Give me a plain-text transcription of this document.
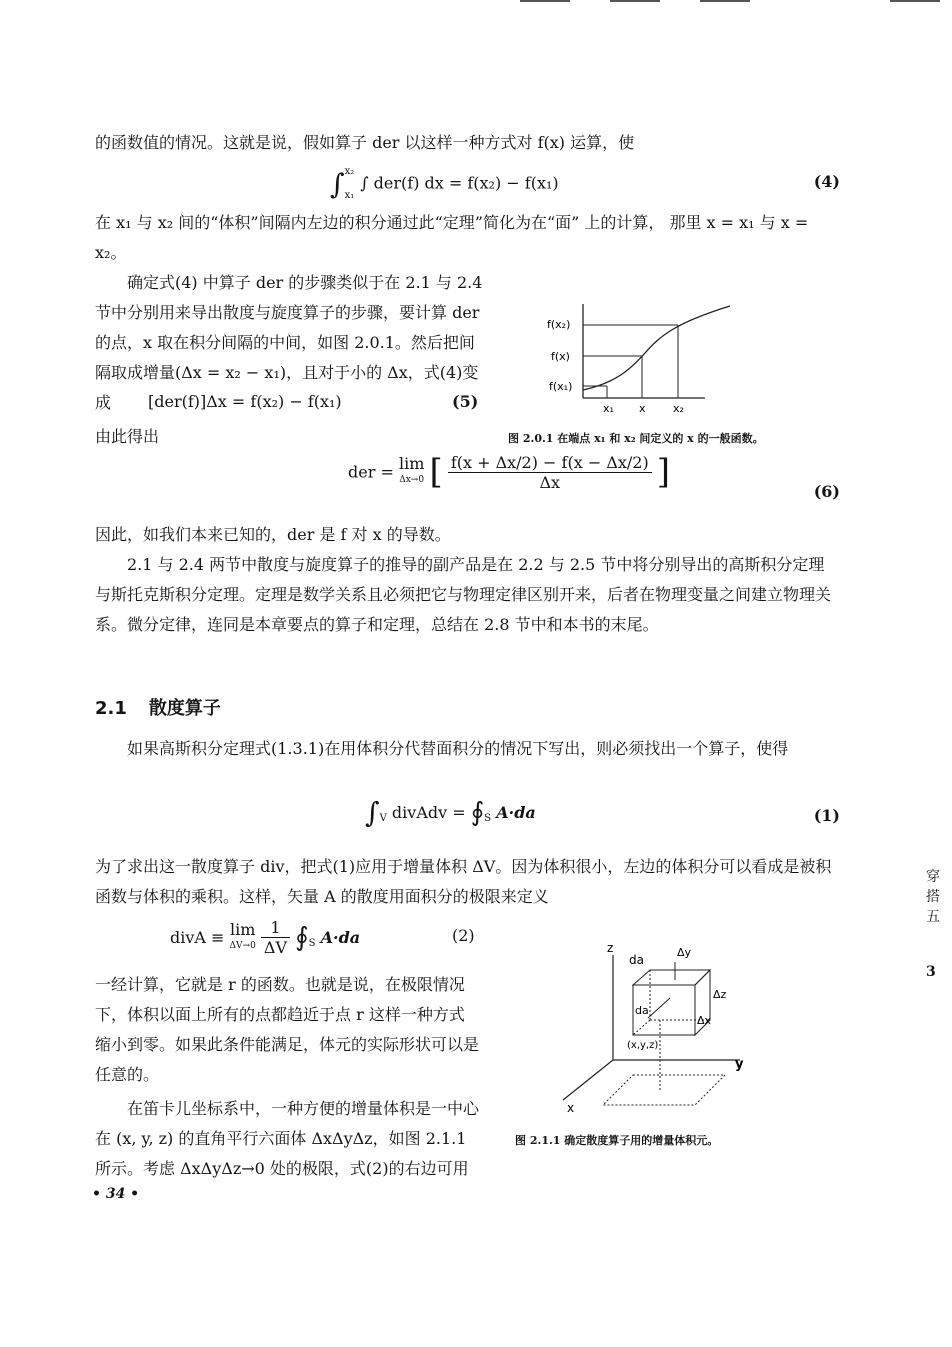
的函数值的情况。这就是说，假如算子 der 以这样一种方式对 f(x) 运算，使
∫ x₂

x₁
∫ der(f) dx = f(x₂) − f(x₁)	(4)
在 x₁ 与 x₂ 间的“体积”间隔内左边的积分通过此“定理”简化为在“面” 上的计算， 那里 x = x₁ 与 x = x₂。
确定式(4) 中算子 der 的步骤类似于在 2.1 与 2.4 节中分别用来导出散度与旋度算子的步骤，要计算 der 的点，x 取在积分间隔的中间，如图 2.0.1。然后把间隔取成增量(Δx = x₂ − x₁)，且对于小的 Δx，式(4)变成	[der(f)]Δx = f(x₂) − f(x₁)	(5)
由此得出
f(x₂)
f(x)
f(x₁)
x₁ x x₂
图 2.0.1 在端点 x₁ 和 x₂ 间定义的 x 的一般函数。
der = lim
Δx→0 [ $\frac{f(x + \Delta x/2) - f(x - \Delta x/2)}{\Delta x}$ ]	(6)
因此，如我们本来已知的，der 是 f 对 x 的导数。
2.1 与 2.4 两节中散度与旋度算子的推导的副产品是在 2.2 与 2.5 节中将分别导出的高斯积分定理与斯托克斯积分定理。定理是数学关系且必须把它与物理定律区别开来，后者在物理变量之间建立物理关系。微分定律，连同是本章要点的算子和定理，总结在 2.8 节中和本书的末尾。
2.1 散度算子
如果高斯积分定理式(1.3.1)在用体积分代替面积分的情况下写出，则必须找出一个算子，使得
$\int_V$ divAdv = $∮_S$ A·da	(1)
为了求出这一散度算子 div，把式(1)应用于增量体积 ΔV。因为体积很小，左边的体积分可以看成是被积函数与体积的乘积。这样，矢量 A 的散度用面积分的极限来定义
divA ≡ lim
ΔV→0
$\frac{1}{\Delta V}$ $∮_S$ A·da	(2)
一经计算，它就是 r 的函数。也就是说，在极限情况下，体积以面上所有的点都趋近于点 r 这样一种方式缩小到零。如果此条件能满足，体元的实际形状可以是任意的。
在笛卡儿坐标系中，一种方便的增量体积是一中心在 (x, y, z) 的直角平行六面体 ΔxΔyΔz，如图 2.1.1 所示。考虑 ΔxΔyΔz→0 处的极限，式(2)的右边可用
z
y
x
da
da
Δy
Δz
Δx
(x,y,z)
图 2.1.1 确定散度算子用的增量体积元。
• 34 •
穿
搭
五
3
